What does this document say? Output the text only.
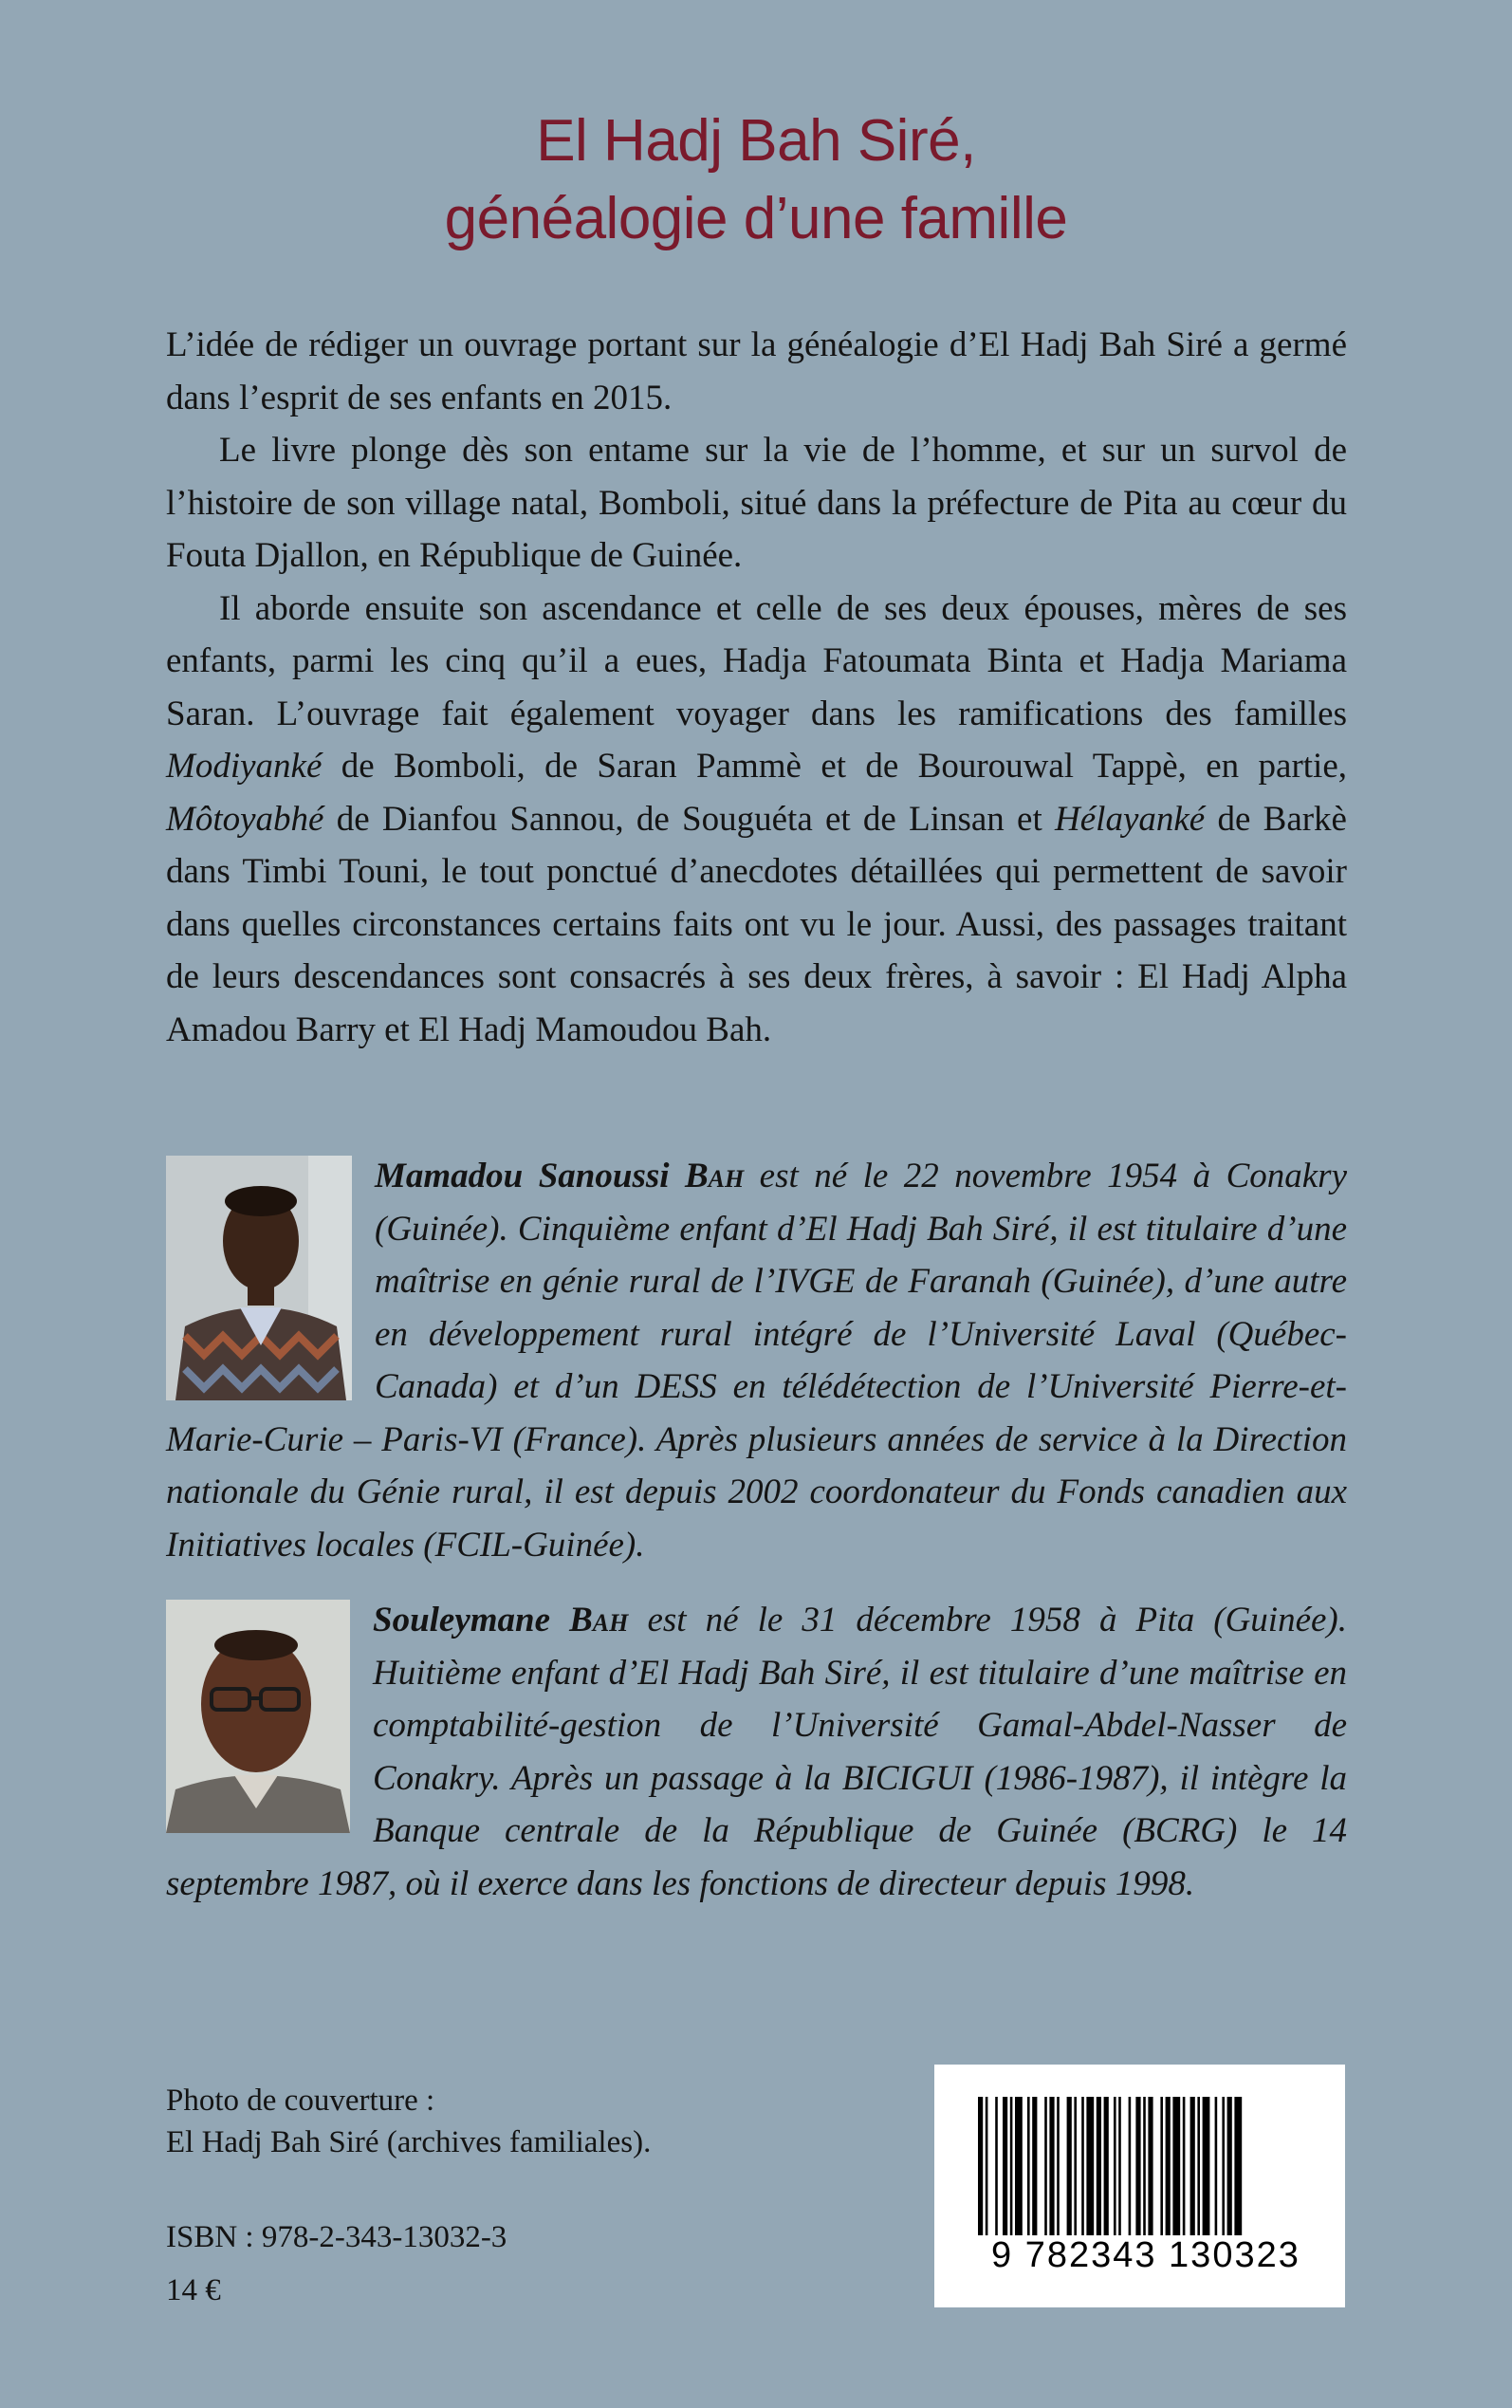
El Hadj Bah Siré,
généalogie d’une famille

L’idée de rédiger un ouvrage portant sur la généalogie d’El Hadj Bah Siré a germé dans l’esprit de ses enfants en 2015.

Le livre plonge dès son entame sur la vie de l’homme, et sur un survol de l’histoire de son village natal, Bomboli, situé dans la préfecture de Pita au cœur du Fouta Djallon, en République de Guinée.

Il aborde ensuite son ascendance et celle de ses deux épouses, mères de ses enfants, parmi les cinq qu’il a eues, Hadja Fatoumata Binta et Hadja Mariama Saran. L’ouvrage fait également voyager dans les ramifications des familles Modiyanké de Bomboli, de Saran Pammè et de Bourouwal Tappè, en partie, Môtoyabhé de Dianfou Sannou, de Souguéta et de Linsan et Hélayanké de Barkè dans Timbi Touni, le tout ponctué d’anecdotes détaillées qui permettent de savoir dans quelles circonstances certains faits ont vu le jour. Aussi, des passages traitant de leurs descendances sont consacrés à ses deux frères, à savoir : El Hadj Alpha Amadou Barry et El Hadj Mamoudou Bah.

Mamadou Sanoussi Bah est né le 22 novembre 1954 à Conakry (Guinée). Cinquième enfant d’El Hadj Bah Siré, il est titulaire d’une maîtrise en génie rural de l’IVGE de Faranah (Guinée), d’une autre en développement rural intégré de l’Université Laval (Québec-Canada) et d’un DESS en télédétection de l’Université Pierre-et-Marie-Curie – Paris-VI (France). Après plusieurs années de service à la Direction nationale du Génie rural, il est depuis 2002 coordonateur du Fonds canadien aux Initiatives locales (FCIL-Guinée).
Souleymane Bah est né le 31 décembre 1958 à Pita (Guinée). Huitième enfant d’El Hadj Bah Siré, il est titulaire d’une maîtrise en comptabilité-gestion de l’Université Gamal-Abdel-Nasser de Conakry. Après un passage à la BICIGUI (1986-1987), il intègre la Banque centrale de la République de Guinée (BCRG) le 14 septembre 1987, où il exerce dans les fonctions de directeur depuis 1998.
Photo de couverture :
El Hadj Bah Siré (archives familiales).
ISBN : 978-2-343-13032-3
14 €
9 782343 130323
